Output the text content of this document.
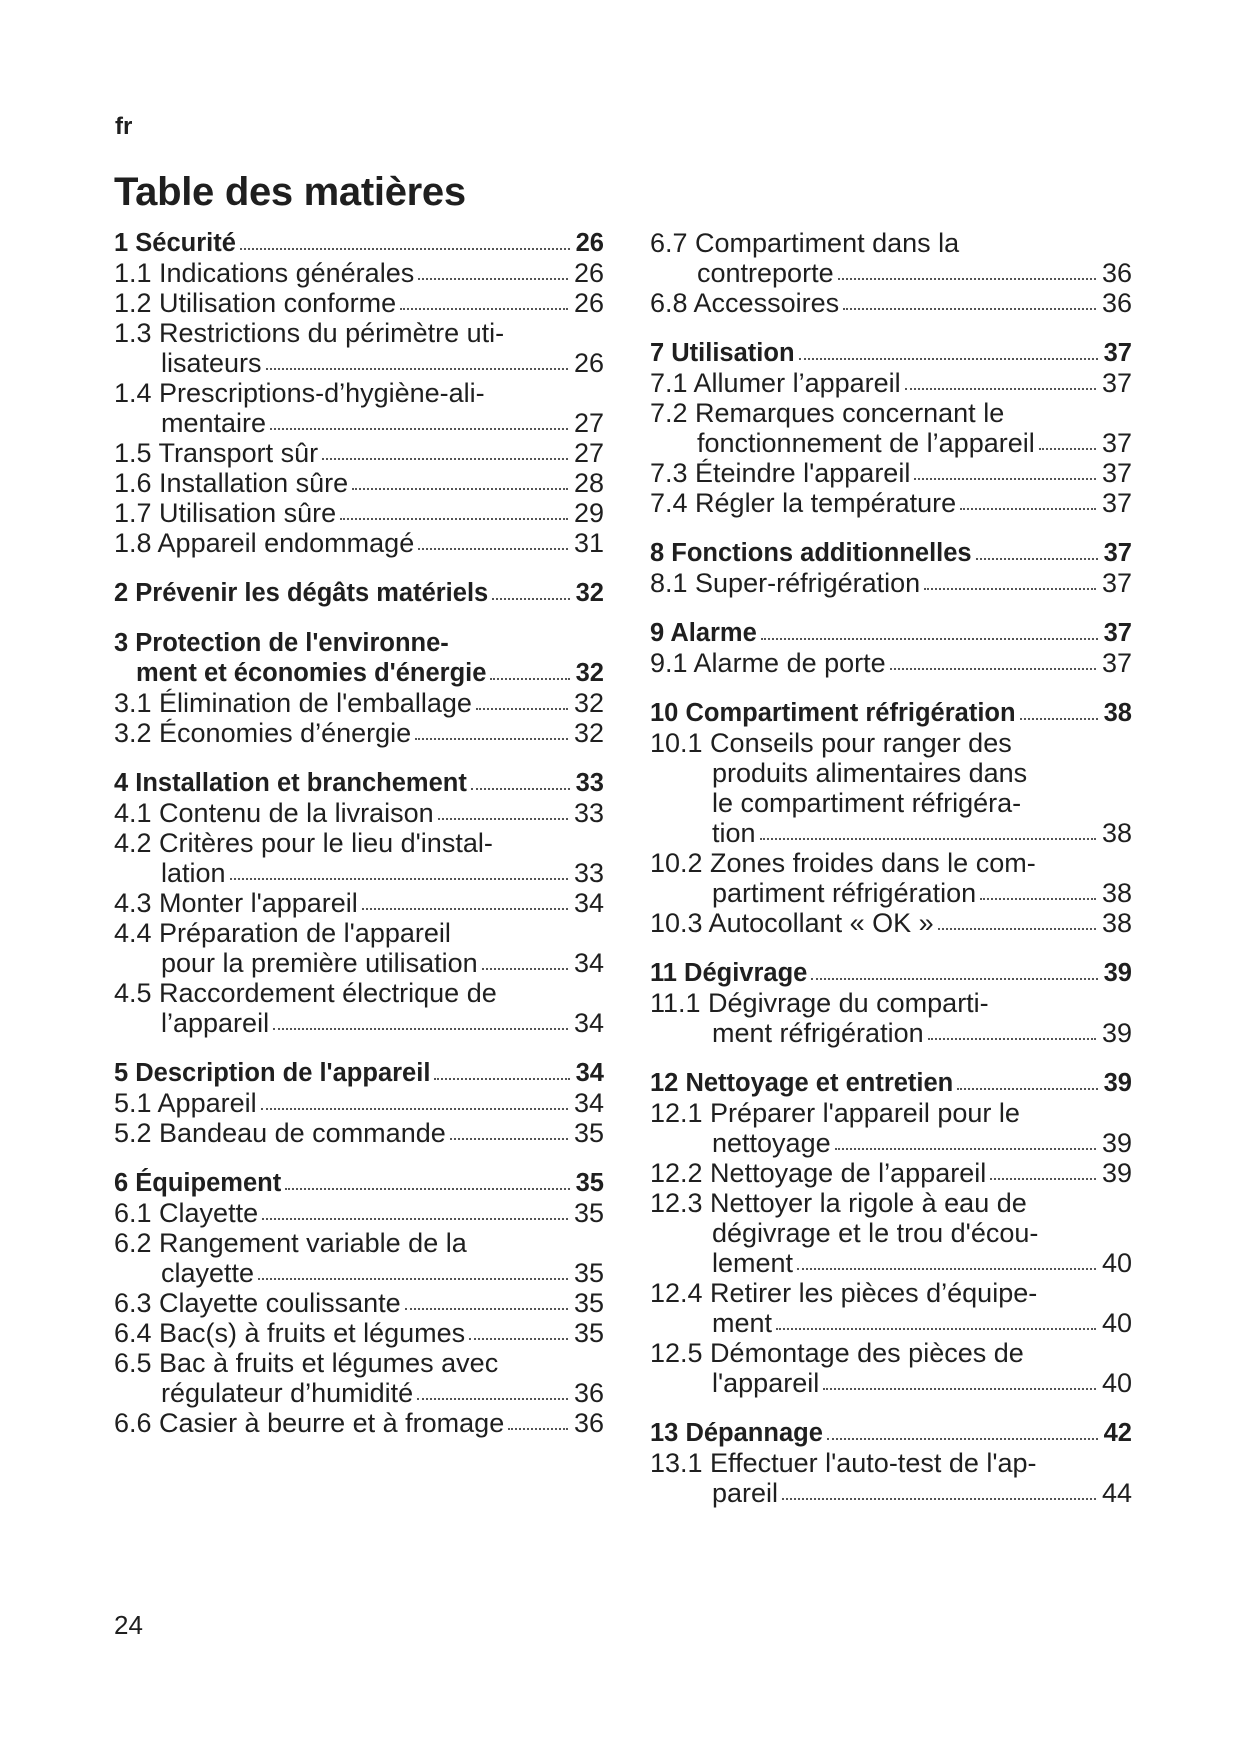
fr
Table des matières
1 Sécurité	26
1.1 Indications générales	26
1.2 Utilisation conforme	26
1.3 Restrictions du périmètre uti-
lisateurs	26
1.4 Prescriptions-d’hygiène-ali-
mentaire	27
1.5 Transport sûr	27
1.6 Installation sûre	28
1.7 Utilisation sûre	29
1.8 Appareil endommagé	31
2 Prévenir les dégâts matériels	32
3 Protection de l'environne-
ment et économies d'énergie	32
3.1 Élimination de l'emballage	32
3.2 Économies d’énergie	32
4 Installation et branchement	33
4.1 Contenu de la livraison	33
4.2 Critères pour le lieu d'instal-
lation	33
4.3 Monter l'appareil	34
4.4 Préparation de l'appareil
pour la première utilisation	34
4.5 Raccordement électrique de
l’appareil	34
5 Description de l'appareil	34
5.1 Appareil	34
5.2 Bandeau de commande	35
6 Équipement	35
6.1 Clayette	35
6.2 Rangement variable de la
clayette	35
6.3 Clayette coulissante	35
6.4 Bac(s) à fruits et légumes	35
6.5 Bac à fruits et légumes avec
régulateur d’humidité	36
6.6 Casier à beurre et à fromage	36
6.7 Compartiment dans la
contreporte	36
6.8 Accessoires	36
7 Utilisation	37
7.1 Allumer l’appareil	37
7.2 Remarques concernant le
fonctionnement de l’appareil 37
7.3 Éteindre l'appareil	37
7.4 Régler la température	37
8 Fonctions additionnelles	37
8.1 Super-réfrigération	37
9 Alarme	37
9.1 Alarme de porte	37
10 Compartiment réfrigération	38
10.1 Conseils pour ranger des
produits alimentaires dans
le compartiment réfrigéra-
tion	38
10.2 Zones froides dans le com-
partiment réfrigération	38
10.3 Autocollant « OK »	38
11 Dégivrage	39
11.1 Dégivrage du comparti-
ment réfrigération	39
12 Nettoyage et entretien	39
12.1 Préparer l'appareil pour le
nettoyage	39
12.2 Nettoyage de l’appareil	39
12.3 Nettoyer la rigole à eau de
dégivrage et le trou d'écou-
lement	40
12.4 Retirer les pièces d’équipe-
ment	40
12.5 Démontage des pièces de
l'appareil	40
13 Dépannage	42
13.1 Effectuer l'auto-test de l'ap-
pareil	44
24
